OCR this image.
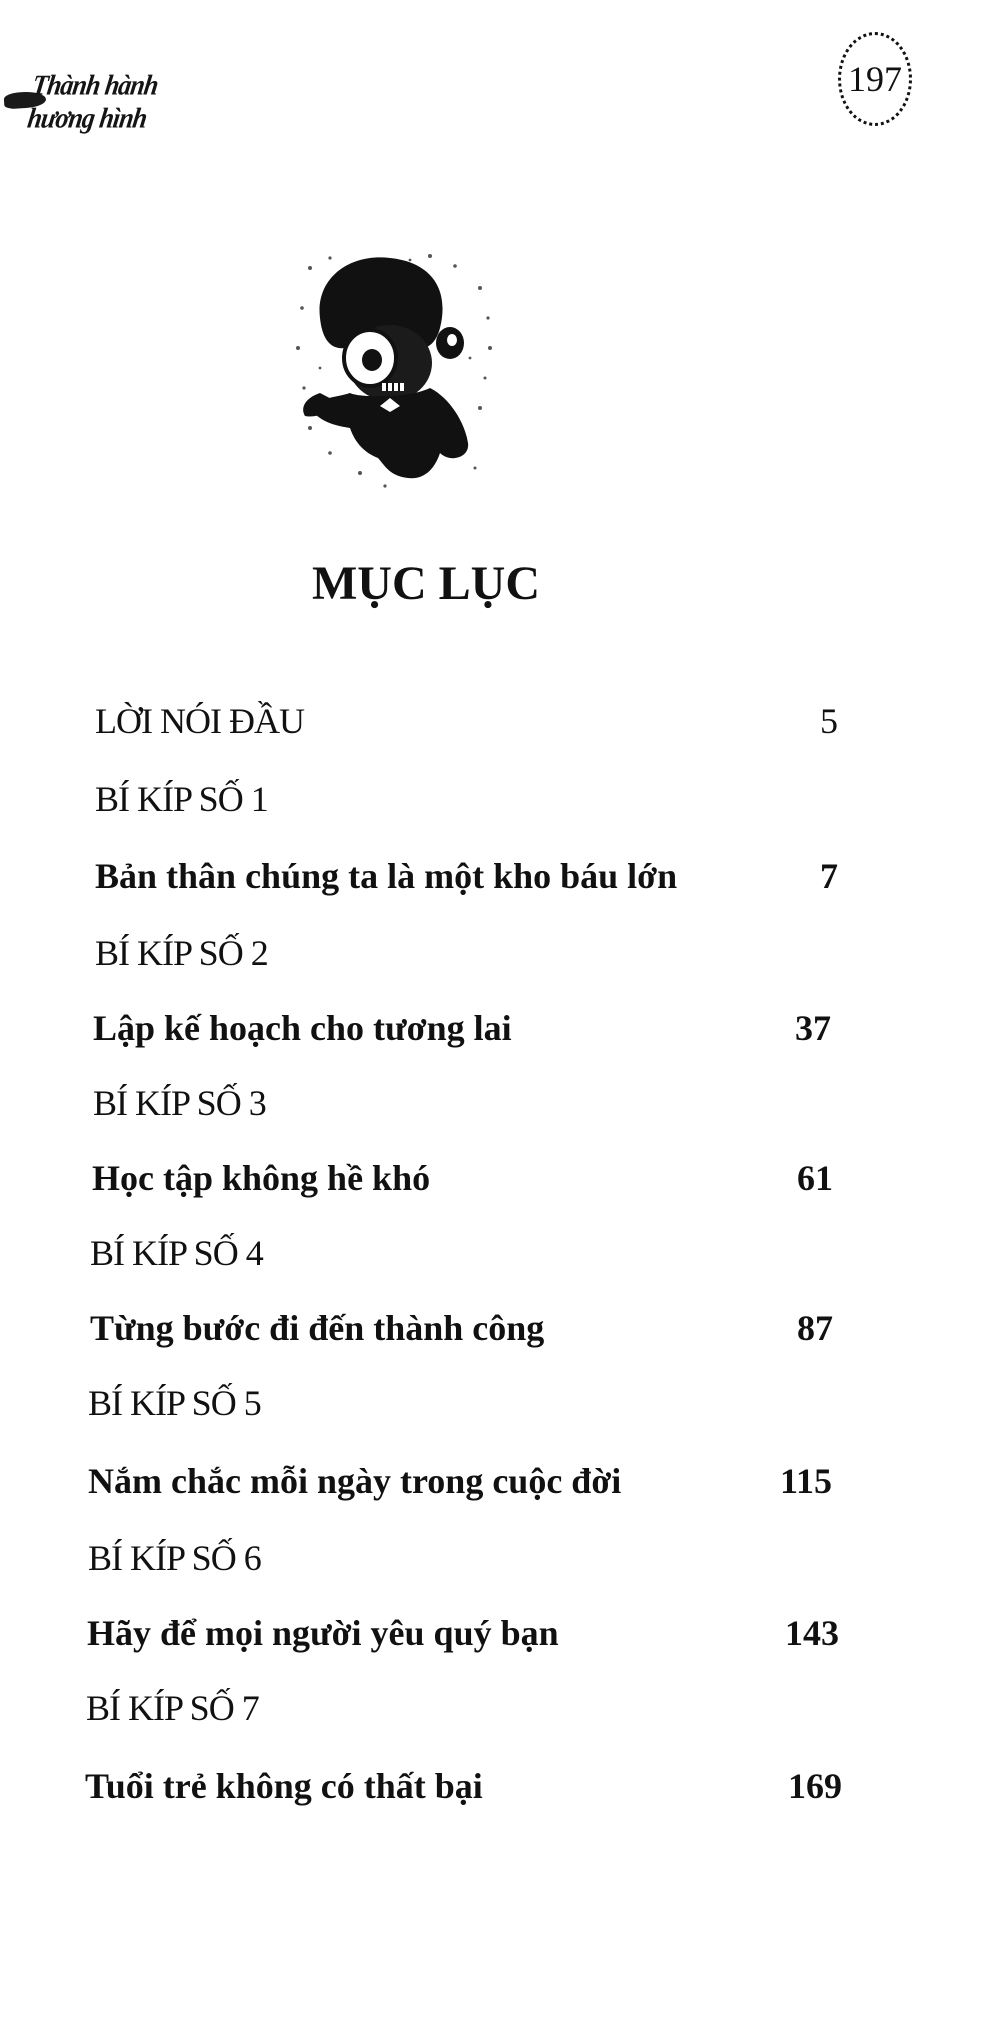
Thành hành hương hình
197
MỤC LỤC
LỜI NÓI ĐẦU	5
BÍ KÍP SỐ 1
Bản thân chúng ta là một kho báu lớn	7
BÍ KÍP SỐ 2
Lập kế hoạch cho tương lai	37
BÍ KÍP SỐ 3
Học tập không hề khó	61
BÍ KÍP SỐ 4
Từng bước đi đến thành công	87
BÍ KÍP SỐ 5
Nắm chắc mỗi ngày trong cuộc đời	115
BÍ KÍP SỐ 6
Hãy để mọi người yêu quý bạn	143
BÍ KÍP SỐ 7
Tuổi trẻ không có thất bại	169
